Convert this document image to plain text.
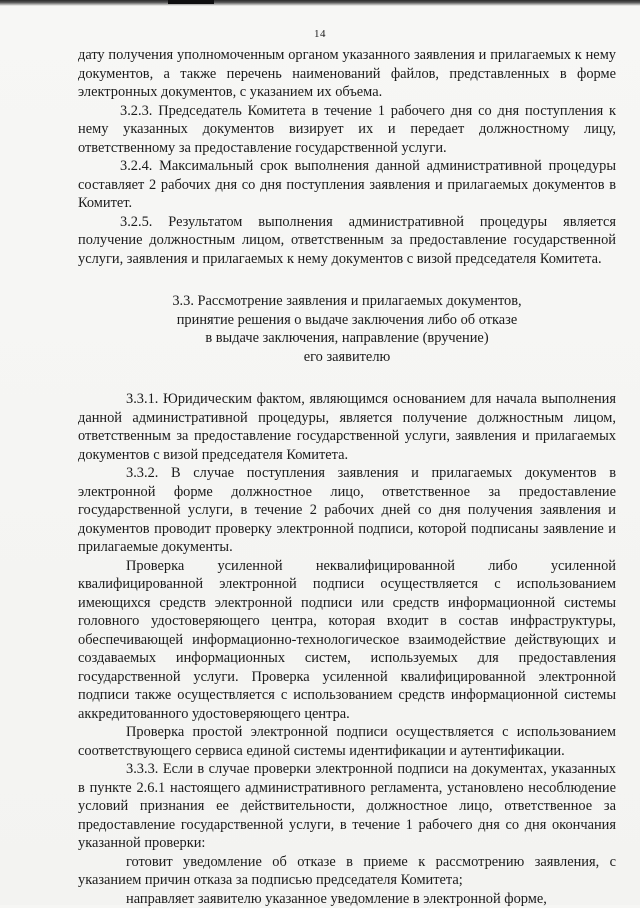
14

дату получения уполномоченным органом указанного заявления и прилагаемых к нему документов, а также перечень наименований файлов, представленных в форме электронных документов, с указанием их объема.

3.2.3. Председатель Комитета в течение 1 рабочего дня со дня поступления к нему указанных документов визирует их и передает должностному лицу, ответственному за предоставление государственной услуги.

3.2.4. Максимальный срок выполнения данной административной процедуры составляет 2 рабочих дня со дня поступления заявления и прилагаемых документов в Комитет.

3.2.5. Результатом выполнения административной процедуры является получение должностным лицом, ответственным за предоставление государственной услуги, заявления и прилагаемых к нему документов с визой председателя Комитета.

3.3. Рассмотрение заявления и прилагаемых документов,
принятие решения о выдаче заключения либо об отказе
в выдаче заключения, направление (вручение)
его заявителю

3.3.1. Юридическим фактом, являющимся основанием для начала выполнения данной административной процедуры, является получение должностным лицом, ответственным за предоставление государственной услуги, заявления и прилагаемых документов с визой председателя Комитета.

3.3.2. В случае поступления заявления и прилагаемых документов в электронной форме должностное лицо, ответственное за предоставление государственной услуги, в течение 2 рабочих дней со дня получения заявления и документов проводит проверку электронной подписи, которой подписаны заявление и прилагаемые документы.

Проверка усиленной неквалифицированной либо усиленной квалифицированной электронной подписи осуществляется с использованием имеющихся средств электронной подписи или средств информационной системы головного удостоверяющего центра, которая входит в состав инфраструктуры, обеспечивающей информационно-технологическое взаимодействие действующих и создаваемых информационных систем, используемых для предоставления государственной услуги. Проверка усиленной квалифицированной электронной подписи также осуществляется с использованием средств информационной системы аккредитованного удостоверяющего центра.

Проверка простой электронной подписи осуществляется с использованием соответствующего сервиса единой системы идентификации и аутентификации.

3.3.3. Если в случае проверки электронной подписи на документах, указанных в пункте 2.6.1 настоящего административного регламента, установлено несоблюдение условий признания ее действительности, должностное лицо, ответственное за предоставление государственной услуги, в течение 1 рабочего дня со дня окончания указанной проверки:

готовит уведомление об отказе в приеме к рассмотрению заявления, с указанием причин отказа за подписью председателя Комитета;

направляет заявителю указанное уведомление в электронной форме,
